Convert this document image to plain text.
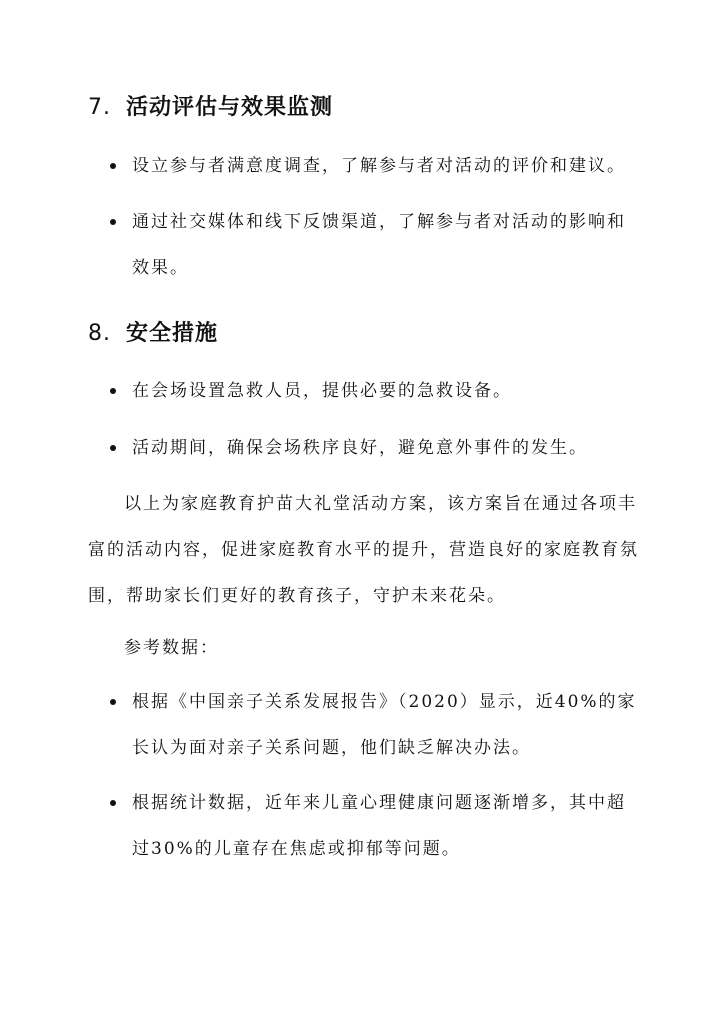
7. 活动评估与效果监测
设立参与者满意度调查，了解参与者对活动的评价和建议。
通过社交媒体和线下反馈渠道，了解参与者对活动的影响和
效果。
8. 安全措施
在会场设置急救人员，提供必要的急救设备。
活动期间，确保会场秩序良好，避免意外事件的发生。
以上为家庭教育护苗大礼堂活动方案，该方案旨在通过各项丰
富的活动内容，促进家庭教育水平的提升，营造良好的家庭教育氛
围，帮助家长们更好的教育孩子，守护未来花朵。
参考数据：
根据《中国亲子关系发展报告》（2020）显示，近40%的家
长认为面对亲子关系问题，他们缺乏解决办法。
根据统计数据，近年来儿童心理健康问题逐渐增多，其中超
过30%的儿童存在焦虑或抑郁等问题。
